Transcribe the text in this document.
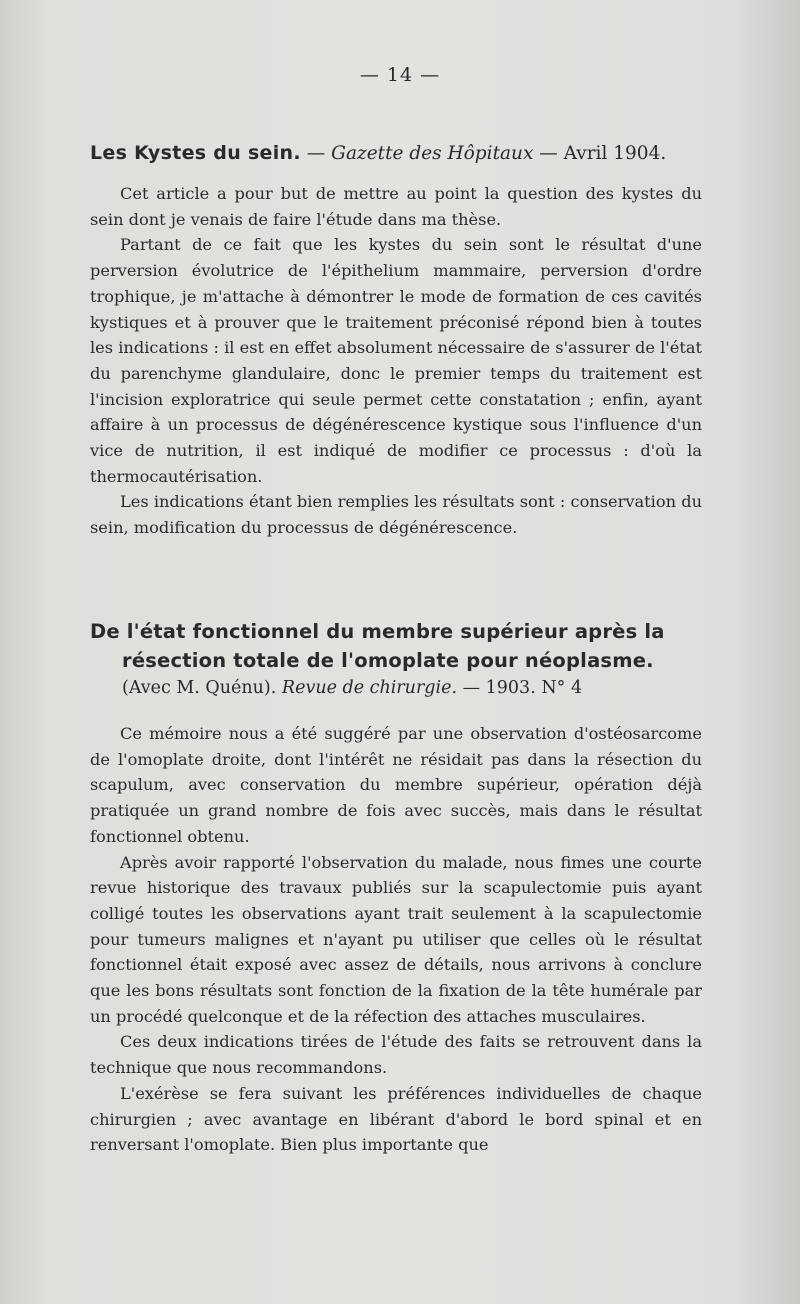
— 14 —
Les Kystes du sein. — Gazette des Hôpitaux — Avril 1904.

Cet article a pour but de mettre au point la question des kystes du sein dont je venais de faire l'étude dans ma thèse.

Partant de ce fait que les kystes du sein sont le résultat d'une perversion évolutrice de l'épithelium mammaire, perversion d'ordre trophique, je m'attache à démontrer le mode de formation de ces cavités kystiques et à prouver que le traitement préconisé répond bien à toutes les indications : il est en effet absolument nécessaire de s'assurer de l'état du parenchyme glandulaire, donc le premier temps du traitement est l'incision exploratrice qui seule permet cette constatation ; enfin, ayant affaire à un processus de dégénérescence kystique sous l'influence d'un vice de nutrition, il est indiqué de modifier ce processus : d'où la thermocautérisation.

Les indications étant bien remplies les résultats sont : conservation du sein, modification du processus de dégénérescence.

De l'état fonctionnel du membre supérieur après la résection totale de l'omoplate pour néoplasme.
(Avec M. Quénu). Revue de chirurgie. — 1903. N° 4

Ce mémoire nous a été suggéré par une observation d'ostéosarcome de l'omoplate droite, dont l'intérêt ne résidait pas dans la résection du scapulum, avec conservation du membre supérieur, opération déjà pratiquée un grand nombre de fois avec succès, mais dans le résultat fonctionnel obtenu.

Après avoir rapporté l'observation du malade, nous fimes une courte revue historique des travaux publiés sur la scapulectomie puis ayant colligé toutes les observations ayant trait seulement à la scapulectomie pour tumeurs malignes et n'ayant pu utiliser que celles où le résultat fonctionnel était exposé avec assez de détails, nous arrivons à conclure que les bons résultats sont fonction de la fixation de la tête humérale par un procédé quelconque et de la réfection des attaches musculaires.

Ces deux indications tirées de l'étude des faits se retrouvent dans la technique que nous recommandons.

L'exérèse se fera suivant les préférences individuelles de chaque chirurgien ; avec avantage en libérant d'abord le bord spinal et en renversant l'omoplate. Bien plus importante que
